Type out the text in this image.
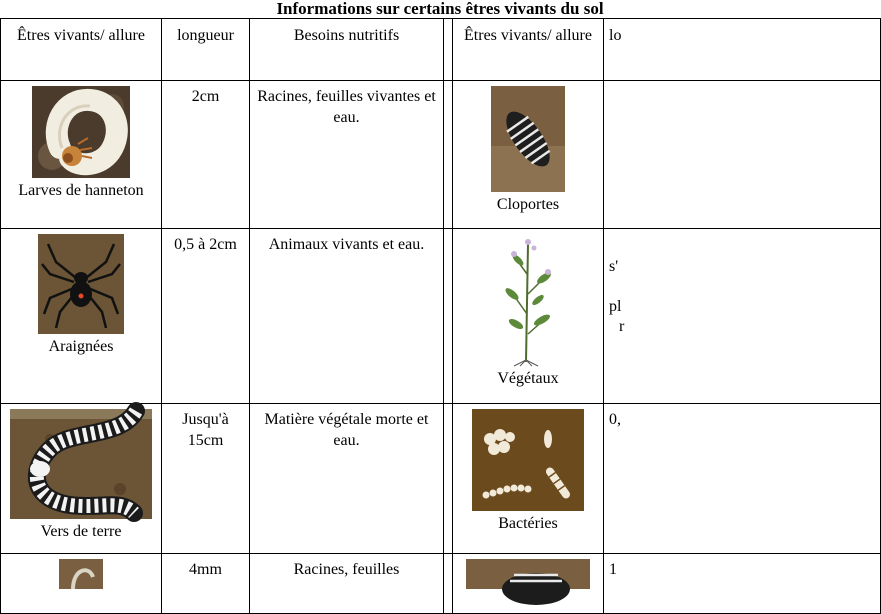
Informations sur certains êtres vivants du sol
Êtres vivants/ allure	longueur	Besoins nutritifs		Êtres vivants/ allure	lo

Larves de hanneton	2cm	Racines, feuilles vivantes et eau.		Cloportes	

Araignées	0,5 à 2cm	Animaux vivants et eau.		Végétaux	s'
pl
r

Vers de terre	Jusqu'à 15cm	Matière végétale morte et eau.		Bactéries	0,

	4mm	Racines, feuilles			1
